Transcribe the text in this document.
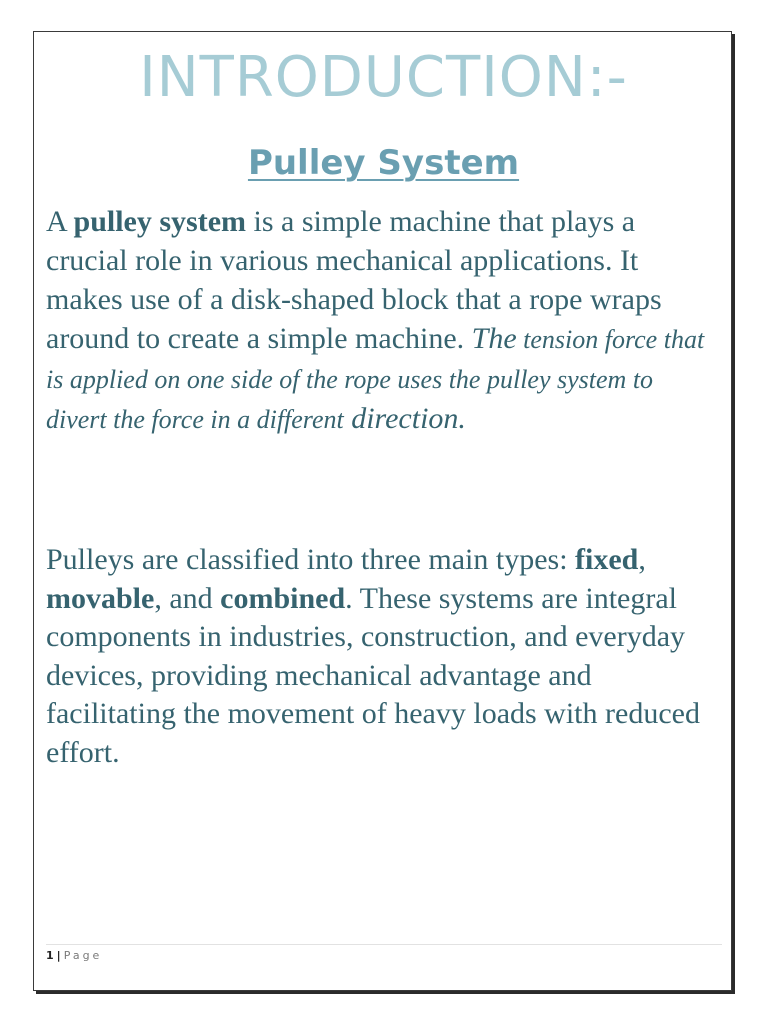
INTRODUCTION:-
Pulley System

A pulley system is a simple machine that plays a crucial role in various mechanical applications. It makes use of a disk-shaped block that a rope wraps around to create a simple machine. The tension force that is applied on one side of the rope uses the pulley system to divert the force in a different direction.

Pulleys are classified into three main types: fixed, movable, and combined. These systems are integral components in industries, construction, and everyday devices, providing mechanical advantage and facilitating the movement of heavy loads with reduced effort.

1 | Page
